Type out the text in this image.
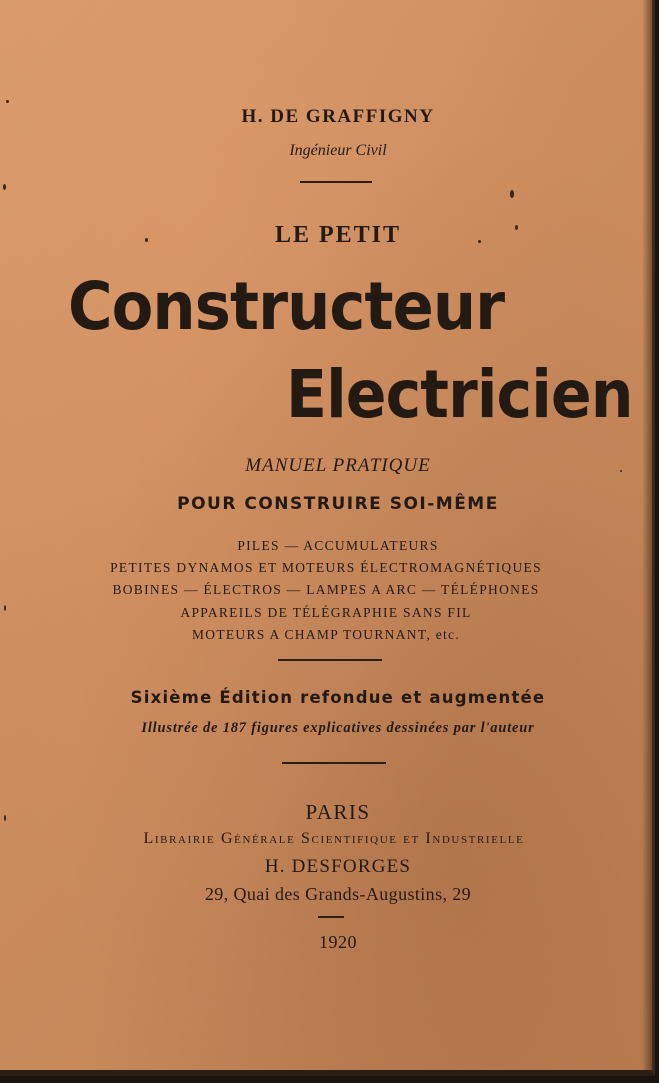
H. DE GRAFFIGNY
Ingénieur Civil
LE PETIT
Constructeur
Electricien
MANUEL PRATIQUE
POUR CONSTRUIRE SOI-MÊME
PILES — ACCUMULATEURS
PETITES DYNAMOS ET MOTEURS ÉLECTROMAGNÉTIQUES
BOBINES — ÉLECTROS — LAMPES A ARC — TÉLÉPHONES
APPAREILS DE TÉLÉGRAPHIE SANS FIL
MOTEURS A CHAMP TOURNANT, etc.
Sixième Édition refondue et augmentée
Illustrée de 187 figures explicatives dessinées par l'auteur
PARIS
Librairie Générale Scientifique et Industrielle
H. DESFORGES
29, Quai des Grands-Augustins, 29
1920
